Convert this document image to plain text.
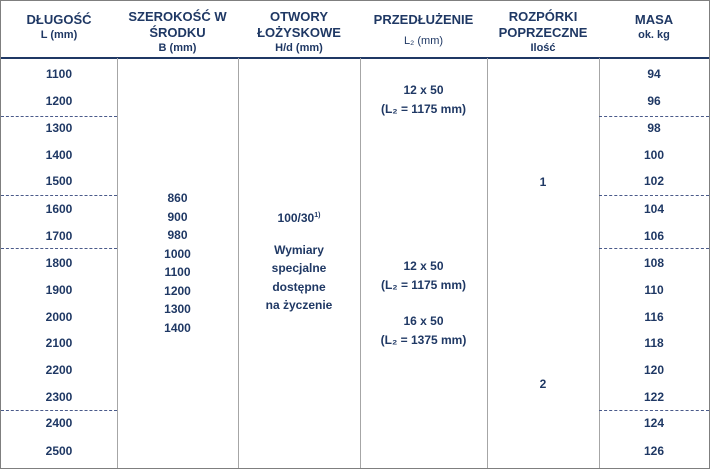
DŁUGOŚĆ
L (mm)
SZEROKOŚĆ W
ŚRODKU
B (mm)
OTWORY
ŁOŻYSKOWE
H/d (mm)
PRZEDŁUŻENIE
L₂ (mm)
ROZPÓRKI
POPRZECZNE
Ilość
MASA
ok. kg
1100
1200
1300
1400
1500
1600
1700
1800
1900
2000
2100
2200
2300
2400
2500
94
96
98
100
102
104
106
108
110
116
118
120
122
124
126
860
900
980
1000
1100
1200
1300
1400
100/30$^{1)}$
Wymiary
specjalne
dostępne
na życzenie
12 x 50
(L₂ = 1175 mm)
12 x 50
(L₂ = 1175 mm)
16 x 50
(L₂ = 1375 mm)
1
2
